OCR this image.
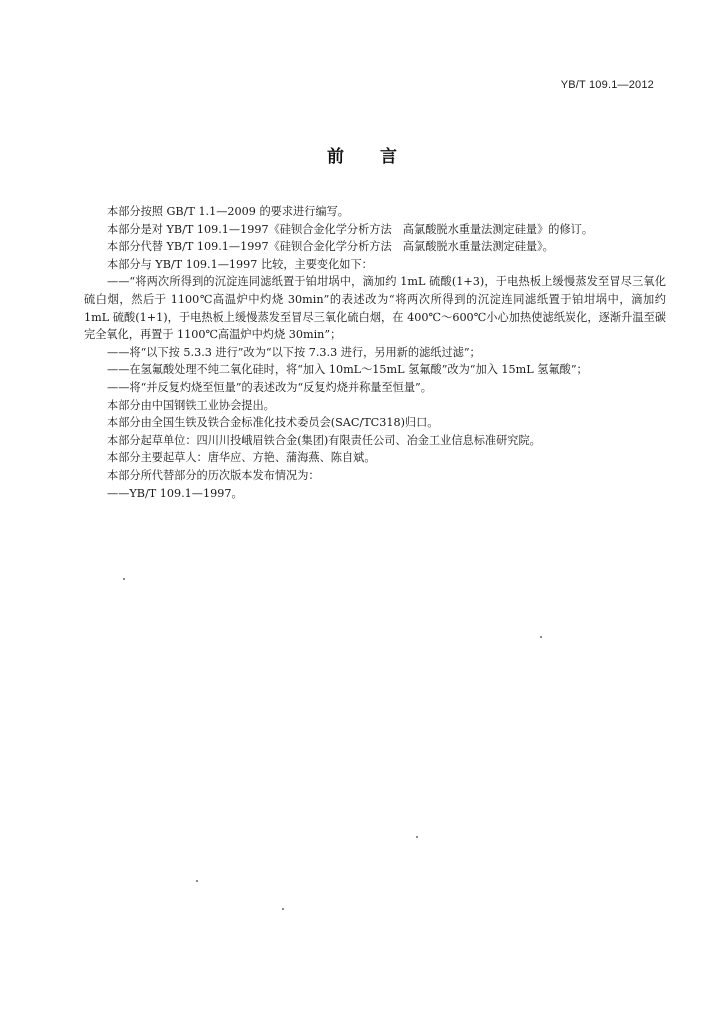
YB/T 109.1—2012
前言

本部分按照 GB/T 1.1—2009 的要求进行编写。

本部分是对 YB/T 109.1—1997《硅钡合金化学分析方法　高氯酸脱水重量法测定硅量》的修订。

本部分代替 YB/T 109.1—1997《硅钡合金化学分析方法　高氯酸脱水重量法测定硅量》。

本部分与 YB/T 109.1—1997 比较，主要变化如下：

——“将两次所得到的沉淀连同滤纸置于铂坩埚中，滴加约 1mL 硫酸(1+3)，于电热板上缓慢蒸发至冒尽三氧化硫白烟，然后于 1100℃高温炉中灼烧 30min”的表述改为“将两次所得到的沉淀连同滤纸置于铂坩埚中，滴加约 1mL 硫酸(1+1)，于电热板上缓慢蒸发至冒尽三氧化硫白烟，在 400℃～600℃小心加热使滤纸炭化，逐渐升温至碳完全氧化，再置于 1100℃高温炉中灼烧 30min”；

——将“以下按 5.3.3 进行”改为“以下按 7.3.3 进行，另用新的滤纸过滤”；

——在氢氟酸处理不纯二氧化硅时，将“加入 10mL～15mL 氢氟酸”改为“加入 15mL 氢氟酸”；

——将“并反复灼烧至恒量”的表述改为“反复灼烧并称量至恒量”。

本部分由中国钢铁工业协会提出。

本部分由全国生铁及铁合金标准化技术委员会(SAC/TC318)归口。

本部分起草单位：四川川投峨眉铁合金(集团)有限责任公司、冶金工业信息标准研究院。

本部分主要起草人：唐华应、方艳、蒲海燕、陈自斌。

本部分所代替部分的历次版本发布情况为：

——YB/T 109.1—1997。
